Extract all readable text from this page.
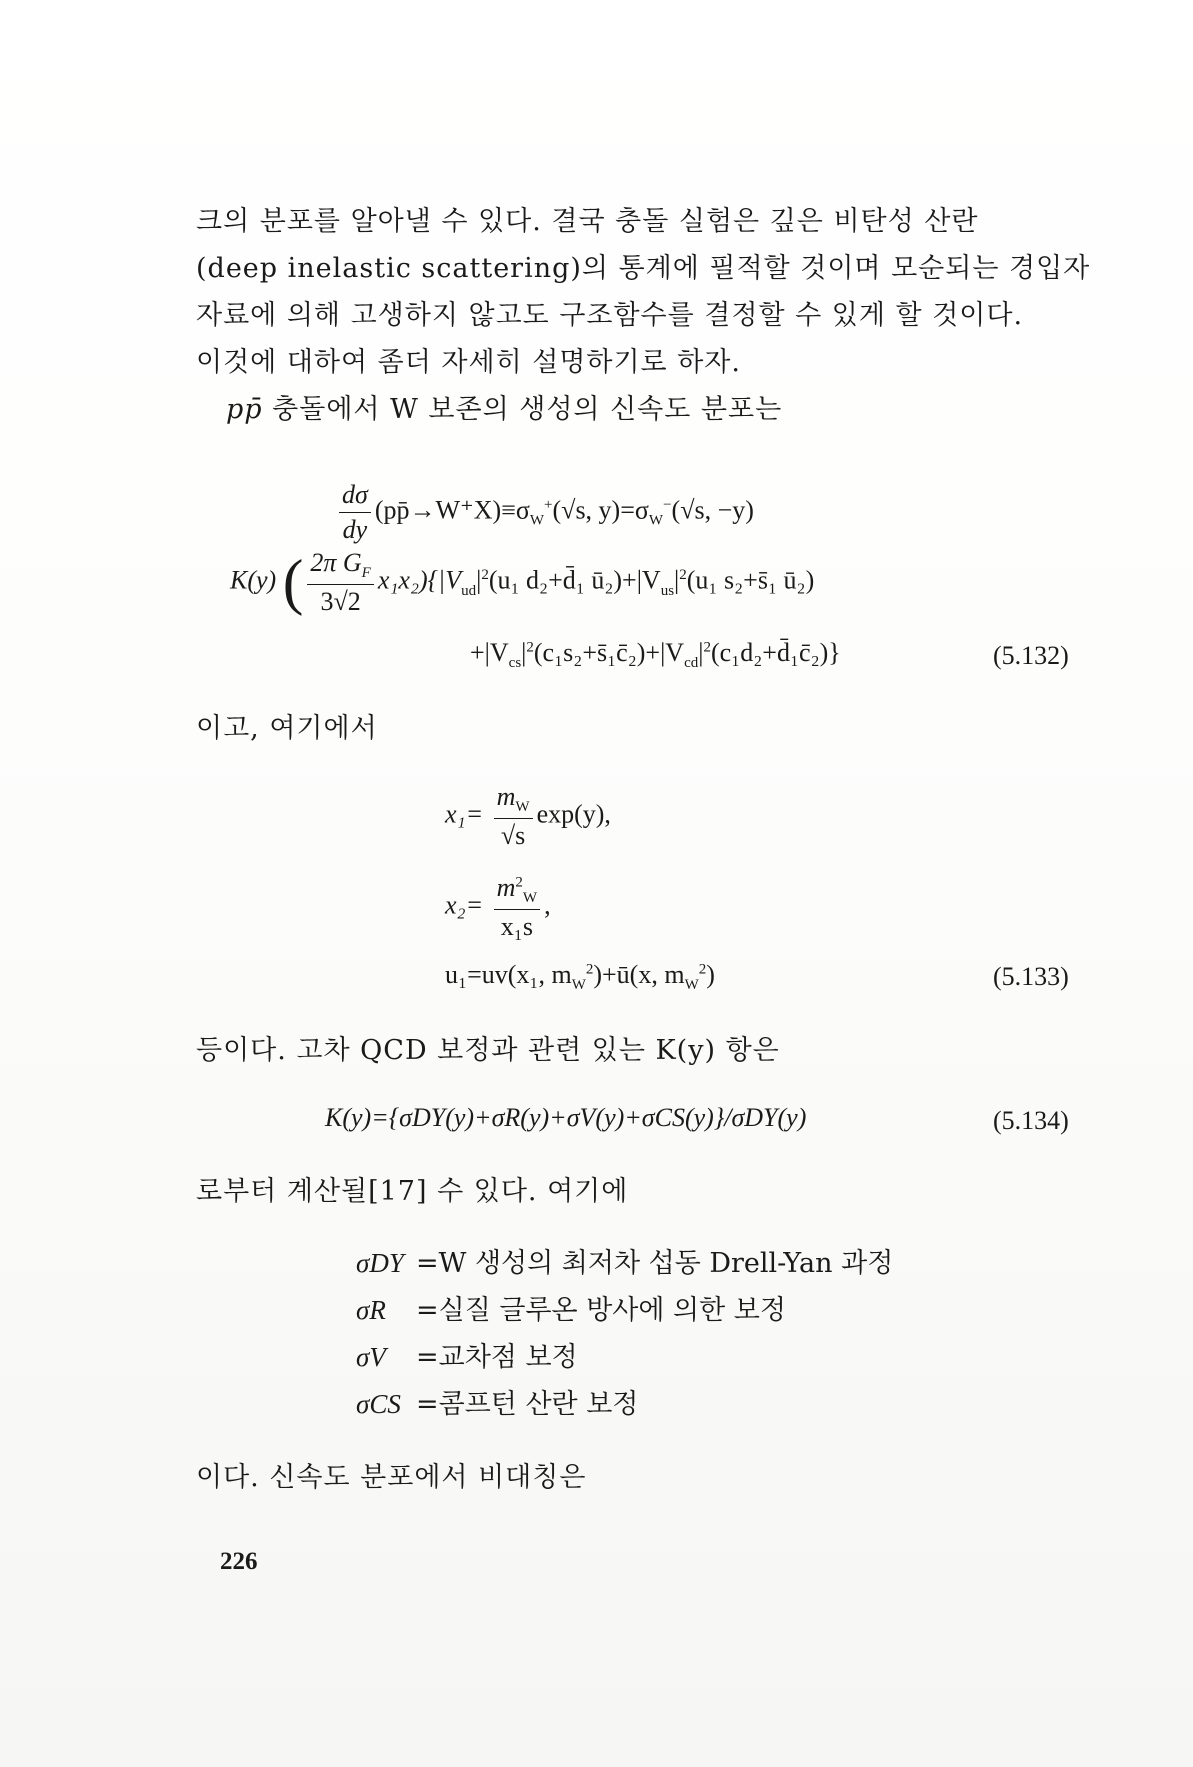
크의 분포를 알아낼 수 있다. 결국 충돌 실험은 깊은 비탄성 산란

(deep inelastic scattering)의 통계에 필적할 것이며 모순되는 경입자

자료에 의해 고생하지 않고도 구조함수를 결정할 수 있게 할 것이다.

이것에 대하여 좀더 자세히 설명하기로 하자.

pp̄ 충돌에서 W 보존의 생성의 신속도 분포는

$\frac{d\sigma}{dy}$ $(pp̄\to W^+X)\equiv\sigma_W^+(√s$, $y)=\sigma_W^-(√s$, −y)
K(y) ( $\frac{2\pi G_F}{3√2} x_1x_2)\{|V_{ud}|^2(u_1$ d₂+d̄₁ $ū_2)+|V_{us}|^2(u_1$ s₂+s̄₁ ū₂)
$+|V_{cs}|^2(c_1s_2+s̄_1c̄_2)+|V_{cd}|^2(c_1d_2+d̄_1c̄_2)$}	(5.132)

이고, 여기에서

$x_1= \frac{m_W}{√s} \exp(y)$,
$x_2= \frac{m^2_W}{\text{x₁s}}$ ,
u₁=uv(x₁, $m_W^2)+ū(x$, $m_W^2$)	(5.133)

등이다. 고차 QCD 보정과 관련 있는 K(y) 항은

K(y)={σDY(y)+σR(y)+σV(y)+σCS(y)}/σDY(y)	(5.134)

로부터 계산될[17] 수 있다. 여기에

σDY =W 생성의 최저차 섭동 Drell-Yan 과정
σR =실질 글루온 방사에 의한 보정
σV =교차점 보정
σCS =콤프턴 산란 보정

이다. 신속도 분포에서 비대칭은

226
